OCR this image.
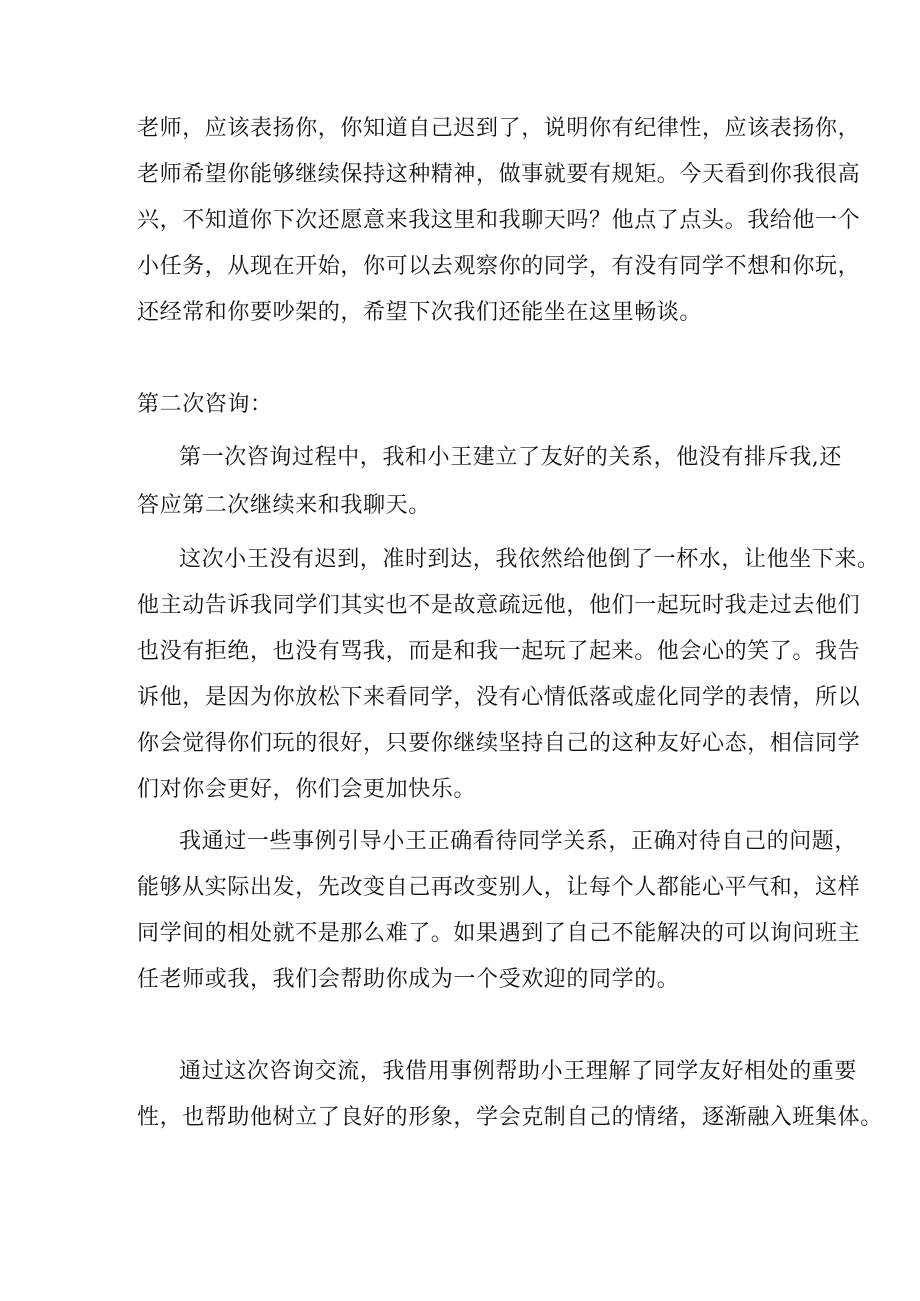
老师，应该表扬你，你知道自己迟到了，说明你有纪律性，应该表扬你，
老师希望你能够继续保持这种精神，做事就要有规矩。今天看到你我很高
兴，不知道你下次还愿意来我这里和我聊天吗？他点了点头。我给他一个
小任务，从现在开始，你可以去观察你的同学，有没有同学不想和你玩，
还经常和你要吵架的，希望下次我们还能坐在这里畅谈。
第二次咨询：
第一次咨询过程中，我和小王建立了友好的关系，他没有排斥我,还
答应第二次继续来和我聊天。
这次小王没有迟到，准时到达，我依然给他倒了一杯水，让他坐下来。
他主动告诉我同学们其实也不是故意疏远他，他们一起玩时我走过去他们
也没有拒绝，也没有骂我，而是和我一起玩了起来。他会心的笑了。我告
诉他，是因为你放松下来看同学，没有心情低落或虚化同学的表情，所以
你会觉得你们玩的很好，只要你继续坚持自己的这种友好心态，相信同学
们对你会更好，你们会更加快乐。
我通过一些事例引导小王正确看待同学关系，正确对待自己的问题，
能够从实际出发，先改变自己再改变别人，让每个人都能心平气和，这样
同学间的相处就不是那么难了。如果遇到了自己不能解决的可以询问班主
任老师或我，我们会帮助你成为一个受欢迎的同学的。
通过这次咨询交流，我借用事例帮助小王理解了同学友好相处的重要
性，也帮助他树立了良好的形象，学会克制自己的情绪，逐渐融入班集体。
